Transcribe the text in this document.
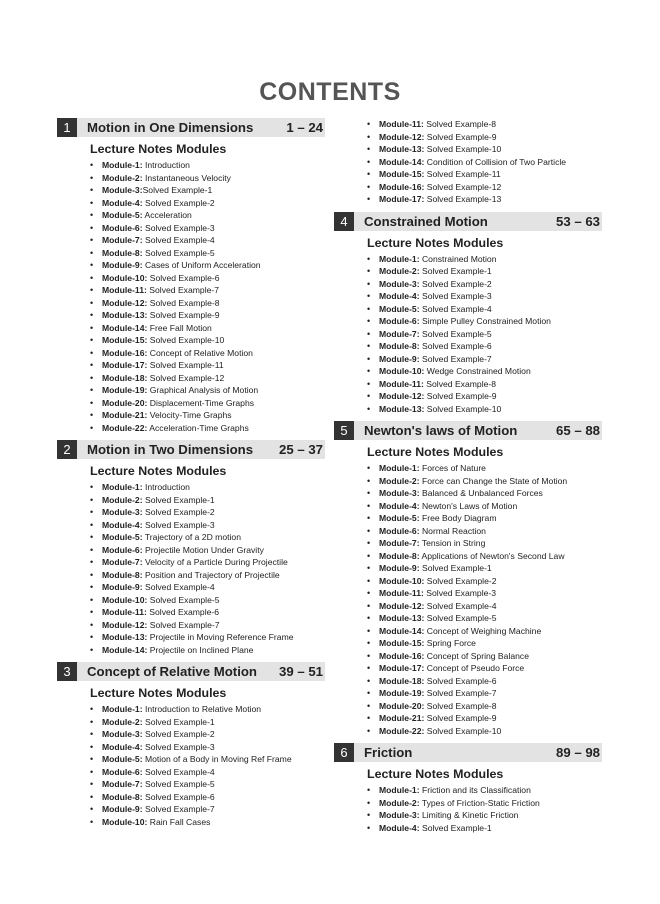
CONTENTS
1	Motion in One Dimensions	1 – 24
Lecture Notes Modules
• Module-1: Introduction
• Module-2: Instantaneous Velocity
• Module-3:Solved Example-1
• Module-4: Solved Example-2
• Module-5: Acceleration
• Module-6: Solved Example-3
• Module-7: Solved Example-4
• Module-8: Solved Example-5
• Module-9: Cases of Uniform Acceleration
• Module-10: Solved Example-6
• Module-11: Solved Example-7
• Module-12: Solved Example-8
• Module-13: Solved Example-9
• Module-14: Free Fall Motion
• Module-15: Solved Example-10
• Module-16: Concept of Relative Motion
• Module-17: Solved Example-11
• Module-18: Solved Example-12
• Module-19: Graphical Analysis of Motion
• Module-20: Displacement-Time Graphs
• Module-21: Velocity-Time Graphs
• Module-22: Acceleration-Time Graphs
2	Motion in Two Dimensions	25 – 37
Lecture Notes Modules
• Module-1: Introduction
• Module-2: Solved Example-1
• Module-3: Solved Example-2
• Module-4: Solved Example-3
• Module-5: Trajectory of a 2D motion
• Module-6: Projectile Motion Under Gravity
• Module-7: Velocity of a Particle During Projectile
• Module-8: Position and Trajectory of Projectile
• Module-9: Solved Example-4
• Module-10: Solved Example-5
• Module-11: Solved Example-6
• Module-12: Solved Example-7
• Module-13: Projectile in Moving Reference Frame
• Module-14: Projectile on Inclined Plane
3	Concept of Relative Motion	39 – 51
Lecture Notes Modules
• Module-1: Introduction to Relative Motion
• Module-2: Solved Example-1
• Module-3: Solved Example-2
• Module-4: Solved Example-3
• Module-5: Motion of a Body in Moving Ref Frame
• Module-6: Solved Example-4
• Module-7: Solved Example-5
• Module-8: Solved Example-6
• Module-9: Solved Example-7
• Module-10: Rain Fall Cases
• Module-11: Solved Example-8
• Module-12: Solved Example-9
• Module-13: Solved Example-10
• Module-14: Condition of Collision of Two Particle
• Module-15: Solved Example-11
• Module-16: Solved Example-12
• Module-17: Solved Example-13
4	Constrained Motion	53 – 63
Lecture Notes Modules
• Module-1: Constrained Motion
• Module-2: Solved Example-1
• Module-3: Solved Example-2
• Module-4: Solved Example-3
• Module-5: Solved Example-4
• Module-6: Simple Pulley Constrained Motion
• Module-7: Solved Example-5
• Module-8: Solved Example-6
• Module-9: Solved Example-7
• Module-10: Wedge Constrained Motion
• Module-11: Solved Example-8
• Module-12: Solved Example-9
• Module-13: Solved Example-10
5	Newton's laws of Motion	65 – 88
Lecture Notes Modules
• Module-1: Forces of Nature
• Module-2: Force can Change the State of Motion
• Module-3: Balanced & Unbalanced Forces
• Module-4: Newton's Laws of Motion
• Module-5: Free Body Diagram
• Module-6: Normal Reaction
• Module-7: Tension in String
• Module-8: Applications of Newton's Second Law
• Module-9: Solved Example-1
• Module-10: Solved Example-2
• Module-11: Solved Example-3
• Module-12: Solved Example-4
• Module-13: Solved Example-5
• Module-14: Concept of Weighing Machine
• Module-15: Spring Force
• Module-16: Concept of Spring Balance
• Module-17: Concept of Pseudo Force
• Module-18: Solved Example-6
• Module-19: Solved Example-7
• Module-20: Solved Example-8
• Module-21: Solved Example-9
• Module-22: Solved Example-10
6	Friction	89 – 98
Lecture Notes Modules
• Module-1: Friction and its Classification
• Module-2: Types of Friction-Static Friction
• Module-3: Limiting & Kinetic Friction
• Module-4: Solved Example-1
